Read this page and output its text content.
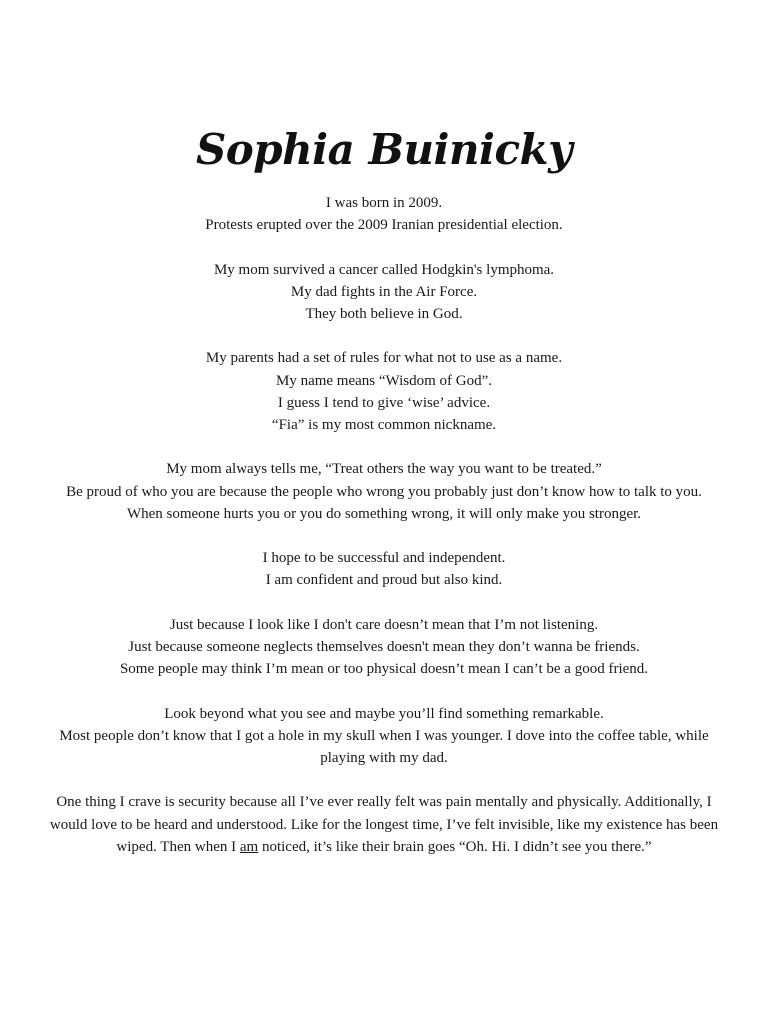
Sophia Buinicky
I was born in 2009.
Protests erupted over the 2009 Iranian presidential election.
My mom survived a cancer called Hodgkin's lymphoma.
My dad fights in the Air Force.
They both believe in God.
My parents had a set of rules for what not to use as a name.
My name means “Wisdom of God”.
I guess I tend to give ‘wise’ advice.
“Fia” is my most common nickname.
My mom always tells me, “Treat others the way you want to be treated.”
Be proud of who you are because the people who wrong you probably just don’t know how to talk to you.
When someone hurts you or you do something wrong, it will only make you stronger.
I hope to be successful and independent.
I am confident and proud but also kind.
Just because I look like I don't care doesn’t mean that I’m not listening.
Just because someone neglects themselves doesn't mean they don’t wanna be friends.
Some people may think I’m mean or too physical doesn’t mean I can’t be a good friend.
Look beyond what you see and maybe you’ll find something remarkable.
Most people don’t know that I got a hole in my skull when I was younger. I dove into the coffee table, while playing with my dad.
One thing I crave is security because all I’ve ever really felt was pain mentally and physically. Additionally, I would love to be heard and understood. Like for the longest time, I’ve felt invisible, like my existence has been wiped. Then when I am noticed, it’s like their brain goes “Oh. Hi. I didn’t see you there.”
